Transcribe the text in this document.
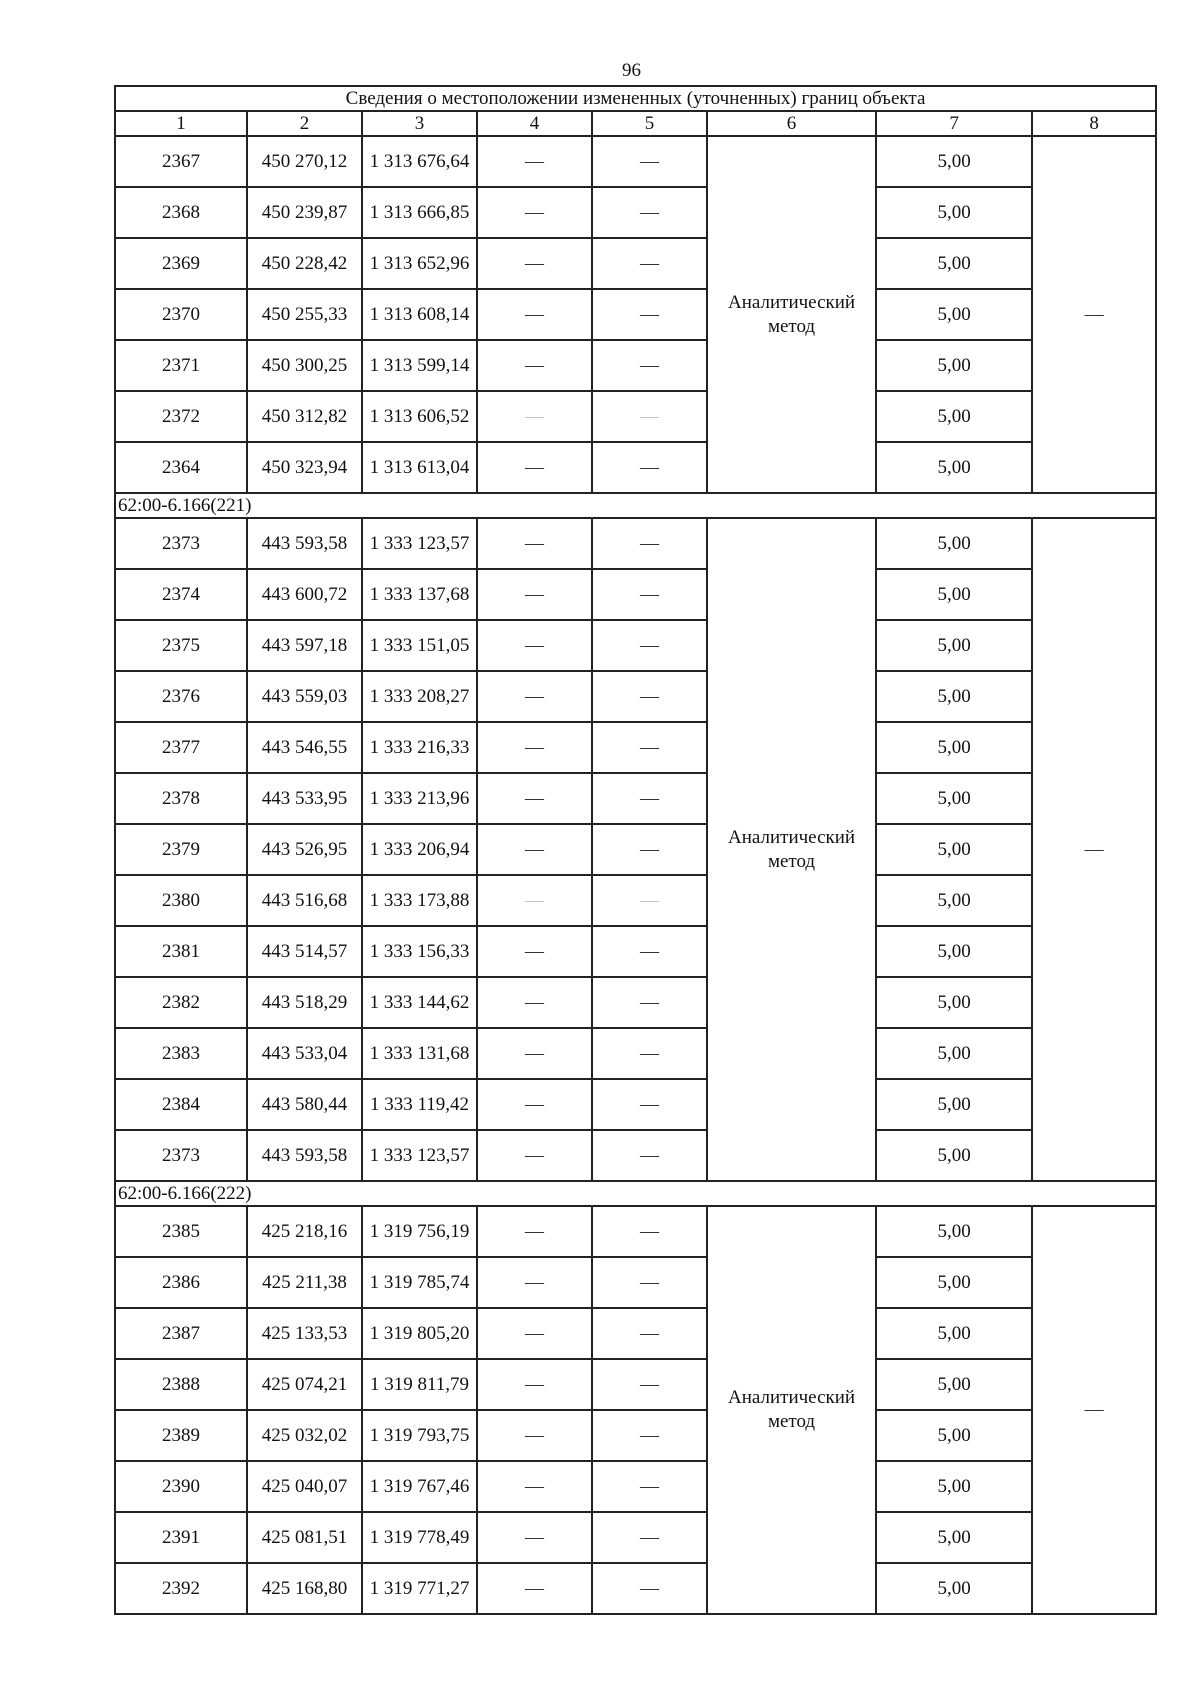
96
Сведения о местоположении измененных (уточненных) границ объекта							
1	2	3	4	5	6	7	8
2367	450 270,12	1 313 676,64	—	—	Аналитический метод	5,00	—
2368	450 239,87	1 313 666,85	—	—		5,00	
2369	450 228,42	1 313 652,96	—	—		5,00	
2370	450 255,33	1 313 608,14	—	—		5,00	
2371	450 300,25	1 313 599,14	—	—		5,00	
2372	450 312,82	1 313 606,52	—	—		5,00	
2364	450 323,94	1 313 613,04	—	—		5,00	
62:00-6.166(221)							
2373	443 593,58	1 333 123,57	—	—	Аналитический метод	5,00	—
2374	443 600,72	1 333 137,68	—	—		5,00	
2375	443 597,18	1 333 151,05	—	—		5,00	
2376	443 559,03	1 333 208,27	—	—		5,00	
2377	443 546,55	1 333 216,33	—	—		5,00	
2378	443 533,95	1 333 213,96	—	—		5,00	
2379	443 526,95	1 333 206,94	—	—		5,00	
2380	443 516,68	1 333 173,88	—	—		5,00	
2381	443 514,57	1 333 156,33	—	—		5,00	
2382	443 518,29	1 333 144,62	—	—		5,00	
2383	443 533,04	1 333 131,68	—	—		5,00	
2384	443 580,44	1 333 119,42	—	—		5,00	
2373	443 593,58	1 333 123,57	—	—		5,00	
62:00-6.166(222)							
2385	425 218,16	1 319 756,19	—	—	Аналитический метод	5,00	—
2386	425 211,38	1 319 785,74	—	—		5,00	
2387	425 133,53	1 319 805,20	—	—		5,00	
2388	425 074,21	1 319 811,79	—	—		5,00	
2389	425 032,02	1 319 793,75	—	—		5,00	
2390	425 040,07	1 319 767,46	—	—		5,00	
2391	425 081,51	1 319 778,49	—	—		5,00	
2392	425 168,80	1 319 771,27	—	—		5,00	
